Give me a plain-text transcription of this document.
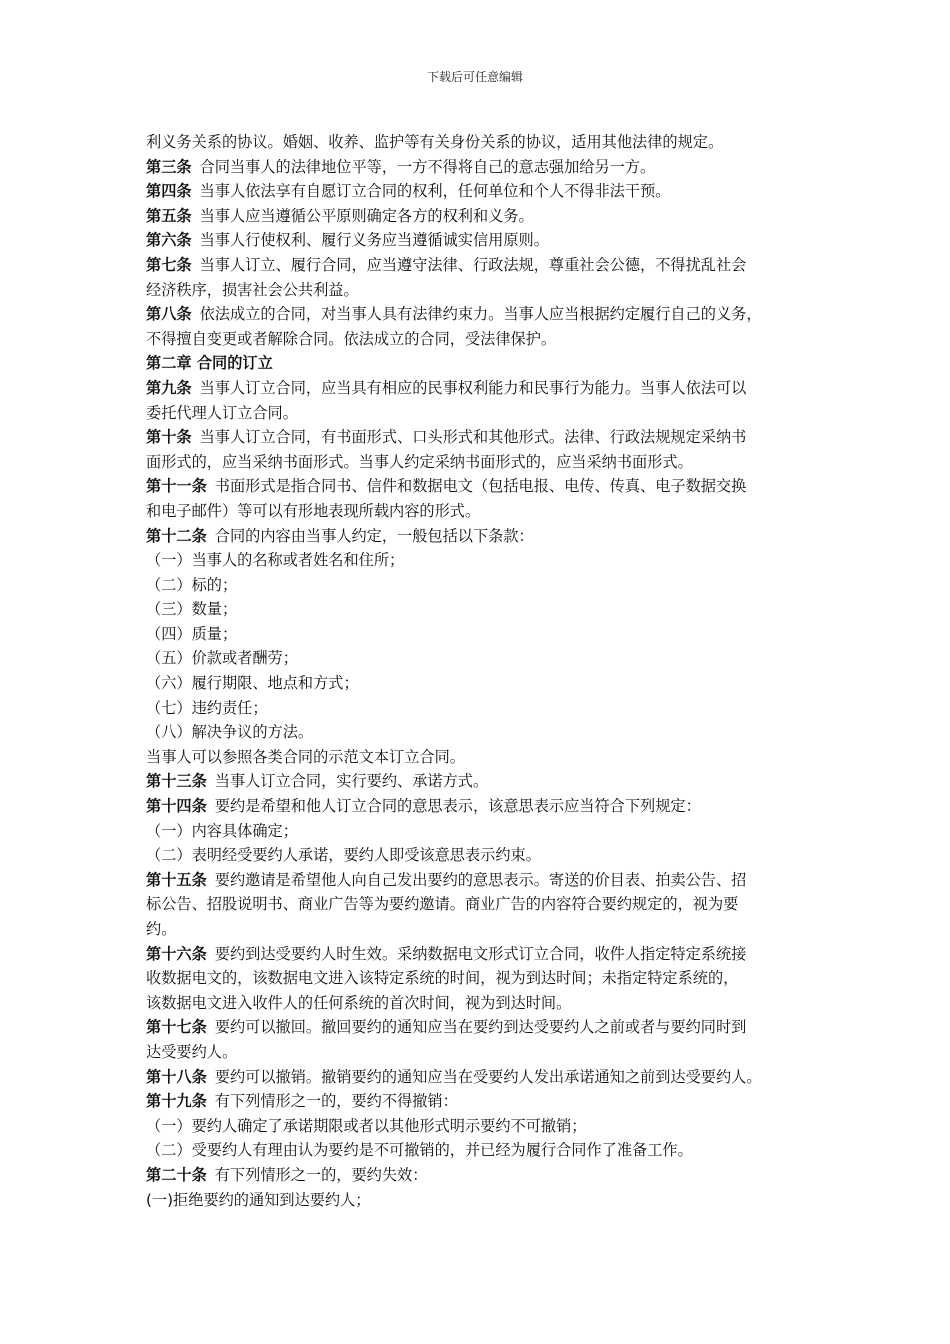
下载后可任意编辑
利义务关系的协议。婚姻、收养、监护等有关身份关系的协议，适用其他法律的规定。
第三条 合同当事人的法律地位平等，一方不得将自己的意志强加给另一方。
第四条 当事人依法享有自愿订立合同的权利，任何单位和个人不得非法干预。
第五条 当事人应当遵循公平原则确定各方的权利和义务。
第六条 当事人行使权利、履行义务应当遵循诚实信用原则。
第七条 当事人订立、履行合同，应当遵守法律、行政法规，尊重社会公德，不得扰乱社会
经济秩序，损害社会公共利益。
第八条 依法成立的合同，对当事人具有法律约束力。当事人应当根据约定履行自己的义务，
不得擅自变更或者解除合同。依法成立的合同，受法律保护。
第二章 合同的订立
第九条 当事人订立合同，应当具有相应的民事权利能力和民事行为能力。当事人依法可以
委托代理人订立合同。
第十条 当事人订立合同，有书面形式、口头形式和其他形式。法律、行政法规规定采纳书
面形式的，应当采纳书面形式。当事人约定采纳书面形式的，应当采纳书面形式。
第十一条 书面形式是指合同书、信件和数据电文（包括电报、电传、传真、电子数据交换
和电子邮件）等可以有形地表现所载内容的形式。
第十二条 合同的内容由当事人约定，一般包括以下条款：
（一）当事人的名称或者姓名和住所；
（二）标的；
（三）数量；
（四）质量；
（五）价款或者酬劳；
（六）履行期限、地点和方式；
（七）违约责任；
（八）解决争议的方法。
当事人可以参照各类合同的示范文本订立合同。
第十三条 当事人订立合同，实行要约、承诺方式。
第十四条 要约是希望和他人订立合同的意思表示，该意思表示应当符合下列规定：
（一）内容具体确定；
（二）表明经受要约人承诺，要约人即受该意思表示约束。
第十五条 要约邀请是希望他人向自己发出要约的意思表示。寄送的价目表、拍卖公告、招
标公告、招股说明书、商业广告等为要约邀请。商业广告的内容符合要约规定的，视为要
约。
第十六条 要约到达受要约人时生效。采纳数据电文形式订立合同，收件人指定特定系统接
收数据电文的，该数据电文进入该特定系统的时间，视为到达时间；未指定特定系统的，
该数据电文进入收件人的任何系统的首次时间，视为到达时间。
第十七条 要约可以撤回。撤回要约的通知应当在要约到达受要约人之前或者与要约同时到
达受要约人。
第十八条 要约可以撤销。撤销要约的通知应当在受要约人发出承诺通知之前到达受要约人。
第十九条 有下列情形之一的，要约不得撤销：
（一）要约人确定了承诺期限或者以其他形式明示要约不可撤销；
（二）受要约人有理由认为要约是不可撤销的，并已经为履行合同作了准备工作。
第二十条 有下列情形之一的，要约失效：
(一)拒绝要约的通知到达要约人；
